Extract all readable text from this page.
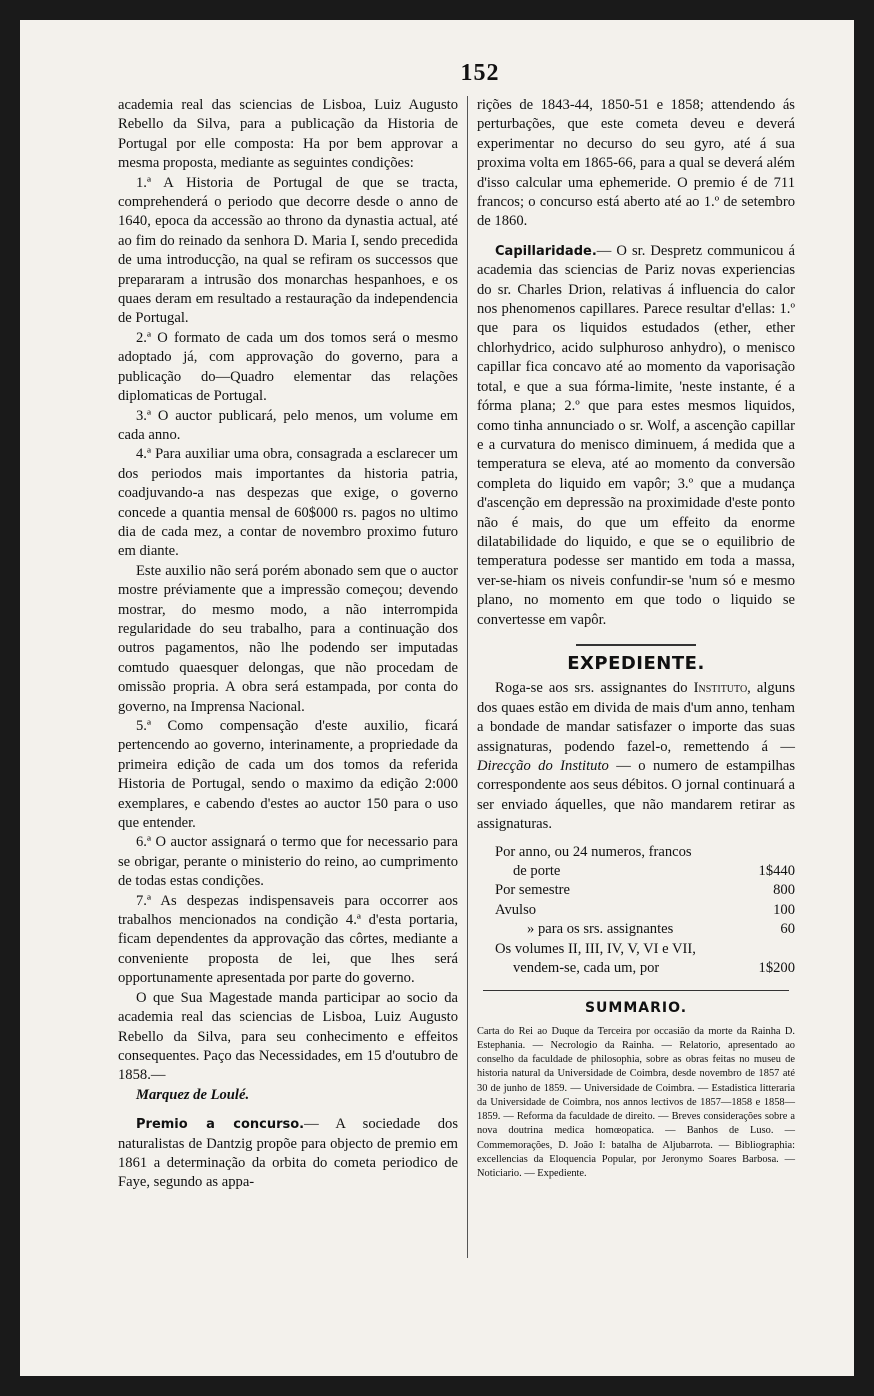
152

academia real das sciencias de Lisboa, Luiz Augusto Rebello da Silva, para a publicação da Historia de Portugal por elle composta: Ha por bem approvar a mesma proposta, mediante as seguintes condições:

1.ª A Historia de Portugal de que se tracta, comprehenderá o periodo que decorre desde o anno de 1640, epoca da accessão ao throno da dynastia actual, até ao fim do reinado da senhora D. Maria I, sendo precedida de uma introducção, na qual se refiram os successos que prepararam a intrusão dos monarchas hespanhoes, e os quaes deram em resultado a restauração da independencia de Portugal.

2.ª O formato de cada um dos tomos será o mesmo adoptado já, com approvação do governo, para a publicação do—Quadro elementar das relações diplomaticas de Portugal.

3.ª O auctor publicará, pelo menos, um volume em cada anno.

4.ª Para auxiliar uma obra, consagrada a esclarecer um dos periodos mais importantes da historia patria, coadjuvando-a nas despezas que exige, o governo concede a quantia mensal de 60$000 rs. pagos no ultimo dia de cada mez, a contar de novembro proximo futuro em diante.

Este auxilio não será porém abonado sem que o auctor mostre préviamente que a impressão começou; devendo mostrar, do mesmo modo, a não interrompida regularidade do seu trabalho, para a continuação dos outros pagamentos, não lhe podendo ser imputadas comtudo quaesquer delongas, que não procedam de omissão propria. A obra será estampada, por conta do governo, na Imprensa Nacional.

5.ª Como compensação d'este auxilio, ficará pertencendo ao governo, interinamente, a propriedade da primeira edição de cada um dos tomos da referida Historia de Portugal, sendo o maximo da edição 2:000 exemplares, e cabendo d'estes ao auctor 150 para o uso que entender.

6.ª O auctor assignará o termo que for necessario para se obrigar, perante o ministerio do reino, ao cumprimento de todas estas condições.

7.ª As despezas indispensaveis para occorrer aos trabalhos mencionados na condição 4.ª d'esta portaria, ficam dependentes da approvação das côrtes, mediante a conveniente proposta de lei, que lhes será opportunamente apresentada por parte do governo.

O que Sua Magestade manda participar ao socio da academia real das sciencias de Lisboa, Luiz Augusto Rebello da Silva, para seu conhecimento e effeitos consequentes. Paço das Necessidades, em 15 d'outubro de 1858.—

Marquez de Loulé.

Premio a concurso.— A sociedade dos naturalistas de Dantzig propõe para objecto de premio em 1861 a determinação da orbita do cometa periodico de Faye, segundo as appa-

rições de 1843-44, 1850-51 e 1858; attendendo ás perturbações, que este cometa deveu e deverá experimentar no decurso do seu gyro, até á sua proxima volta em 1865-66, para a qual se deverá além d'isso calcular uma ephemeride. O premio é de 711 francos; o concurso está aberto até ao 1.º de setembro de 1860.

Capillaridade.— O sr. Despretz communicou á academia das sciencias de Pariz novas experiencias do sr. Charles Drion, relativas á influencia do calor nos phenomenos capillares. Parece resultar d'ellas: 1.º que para os liquidos estudados (ether, ether chlorhydrico, acido sulphuroso anhydro), o menisco capillar fica concavo até ao momento da vaporisação total, e que a sua fórma-limite, 'neste instante, é a fórma plana; 2.º que para estes mesmos liquidos, como tinha annunciado o sr. Wolf, a ascenção capillar e a curvatura do menisco diminuem, á medida que a temperatura se eleva, até ao momento da conversão completa do liquido em vapôr; 3.º que a mudança d'ascenção em depressão na proximidade d'este ponto não é mais, do que um effeito da enorme dilatabilidade do liquido, e que se o equilibrio de temperatura podesse ser mantido em toda a massa, ver-se-hiam os niveis confundir-se 'num só e mesmo plano, no momento em que todo o liquido se convertesse em vapôr.

EXPEDIENTE.

Roga-se aos srs. assignantes do Instituto, alguns dos quaes estão em divida de mais d'um anno, tenham a bondade de mandar satisfazer o importe das suas assignaturas, podendo fazel-o, remettendo á — Direcção do Instituto — o numero de estampilhas correspondente aos seus débitos. O jornal continuará a ser enviado áquelles, que não mandarem retirar as assignaturas.

Por anno, ou 24 numeros, francos
de porte	1$440
Por semestre	800
Avulso	100
» para os srs. assignantes	60
Os volumes II, III, IV, V, VI e VII,
vendem-se, cada um, por	1$200
SUMMARIO.

Carta do Rei ao Duque da Terceira por occasião da morte da Rainha D. Estephania. — Necrologio da Rainha. — Relatorio, apresentado ao conselho da faculdade de philosophia, sobre as obras feitas no museu de historia natural da Universidade de Coimbra, desde novembro de 1857 até 30 de junho de 1859. — Universidade de Coimbra. — Estadistica litteraria da Universidade de Coimbra, nos annos lectivos de 1857—1858 e 1858—1859. — Reforma da faculdade de direito. — Breves considerações sobre a nova doutrina medica homœopatica. — Banhos de Luso. — Commemorações, D. João I: batalha de Aljubarrota. — Bibliographia: excellencias da Eloquencia Popular, por Jeronymo Soares Barbosa. — Noticiario. — Expediente.
